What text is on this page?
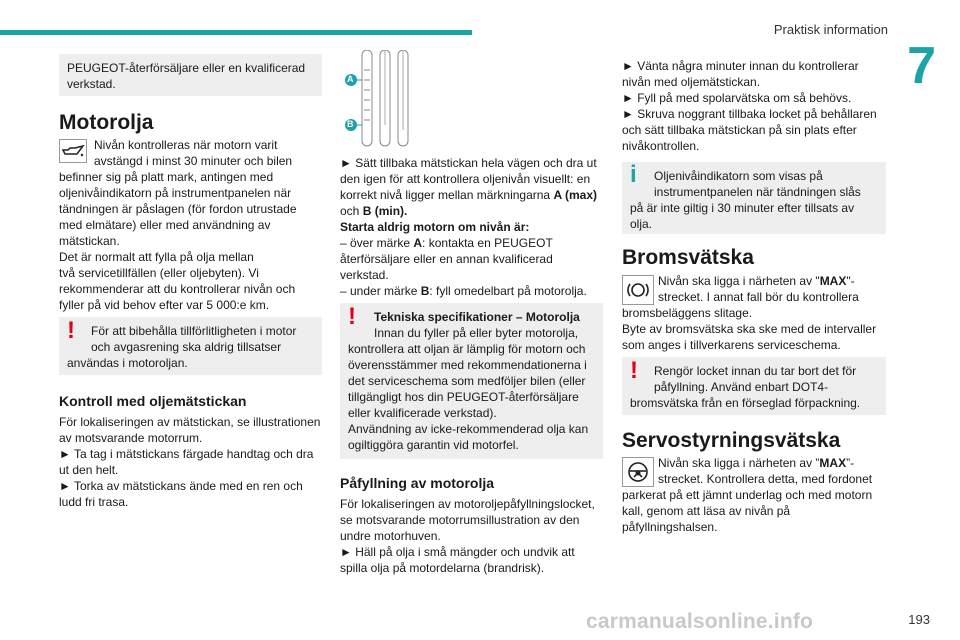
Praktisk information
7

PEUGEOT-återförsäljare eller en kvalificerad verkstad.

Motorolja

Nivån kontrolleras när motorn varit

avstängd i minst 30 minuter och bilen

befinner sig på platt mark, antingen med

oljenivåindikatorn på instrumentpanelen när

tändningen är påslagen (för fordon utrustade

med elmätare) eller med användning av

mätstickan.

Det är normalt att fylla på olja mellan

två servicetillfällen (eller oljebyten). Vi

rekommenderar att du kontrollerar nivån och

fyller på vid behov efter var 5 000:e km.

!	För att bibehålla tillförlitligheten i motor

och avgasrening ska aldrig tillsatser

användas i motoroljan.

Kontroll med oljemätstickan

För lokaliseringen av mätstickan, se illustrationen

av motsvarande motorrum.

► Ta tag i mätstickans färgade handtag och dra

ut den helt.

► Torka av mätstickans ände med en ren och

ludd fri trasa.

A
B

► Sätt tillbaka mätstickan hela vägen och dra ut

den igen för att kontrollera oljenivån visuellt: en

korrekt nivå ligger mellan märkningarna A (max)

och B (min).

Starta aldrig motorn om nivån är:

– över märke A: kontakta en PEUGEOT

återförsäljare eller en annan kvalificerad

verkstad.

– under märke B: fyll omedelbart på motorolja.

!	Tekniska specifikationer – Motorolja

Innan du fyller på eller byter motorolja,

kontrollera att oljan är lämplig för motorn och

överensstämmer med rekommendationerna i

det serviceschema som medföljer bilen (eller

tillgängligt hos din PEUGEOT-återförsäljare

eller kvalificerade verkstad).

Användning av icke-rekommenderad olja kan

ogiltiggöra garantin vid motorfel.

Påfyllning av motorolja

För lokaliseringen av motoroljepåfyllningslocket,

se motsvarande motorrumsillustration av den

undre motorhuven.

► Häll på olja i små mängder och undvik att

spilla olja på motordelarna (brandrisk).

► Vänta några minuter innan du kontrollerar

nivån med oljemätstickan.

► Fyll på med spolarvätska om så behövs.

► Skruva noggrant tillbaka locket på behållaren

och sätt tillbaka mätstickan på sin plats efter

nivåkontrollen.

i	Oljenivåindikatorn som visas på

instrumentpanelen när tändningen slås

på är inte giltig i 30 minuter efter tillsats av

olja.

Bromsvätska

Nivån ska ligga i närheten av "MAX"-

strecket. I annat fall bör du kontrollera

bromsbeläggens slitage.

Byte av bromsvätska ska ske med de intervaller

som anges i tillverkarens serviceschema.

!	Rengör locket innan du tar bort det för

påfyllning. Använd enbart DOT4-

bromsvätska från en förseglad förpackning.

Servostyrningsvätska

Nivån ska ligga i närheten av ”MAX”-

strecket. Kontrollera detta, med fordonet

parkerat på ett jämnt underlag och med motorn

kall, genom att läsa av nivån på

påfyllningshalsen.

carmanualsonline.info	193
